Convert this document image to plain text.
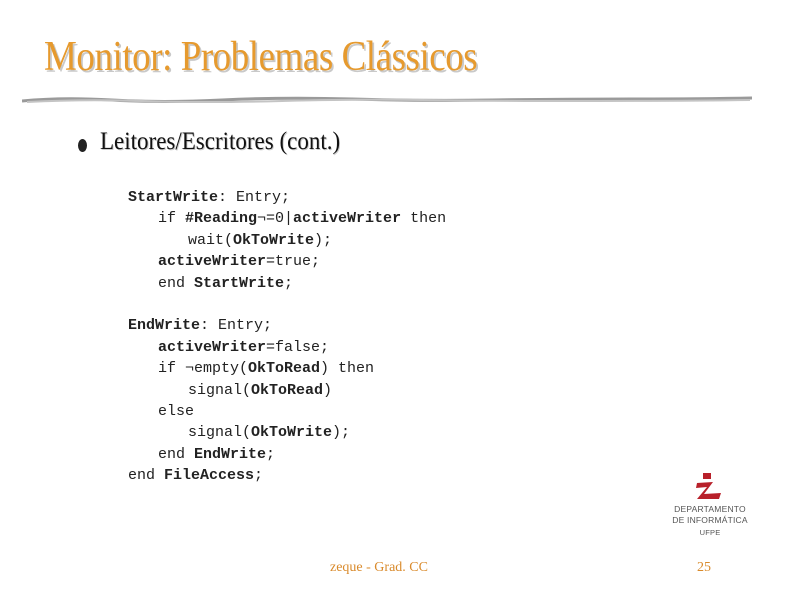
Monitor: Problemas Clássicos
Leitores/Escritores (cont.)
StartWrite: Entry;
if #Reading¬=0|activeWriter then
wait(OkToWrite);
activeWriter=true;
end StartWrite;
EndWrite: Entry;
activeWriter=false;
if ¬empty(OkToRead) then
signal(OkToRead)
else
signal(OkToWrite);
end EndWrite;
end FileAccess;
DEPARTAMENTO
DE INFORMÁTICA
UFPE
zeque - Grad. CC	25
